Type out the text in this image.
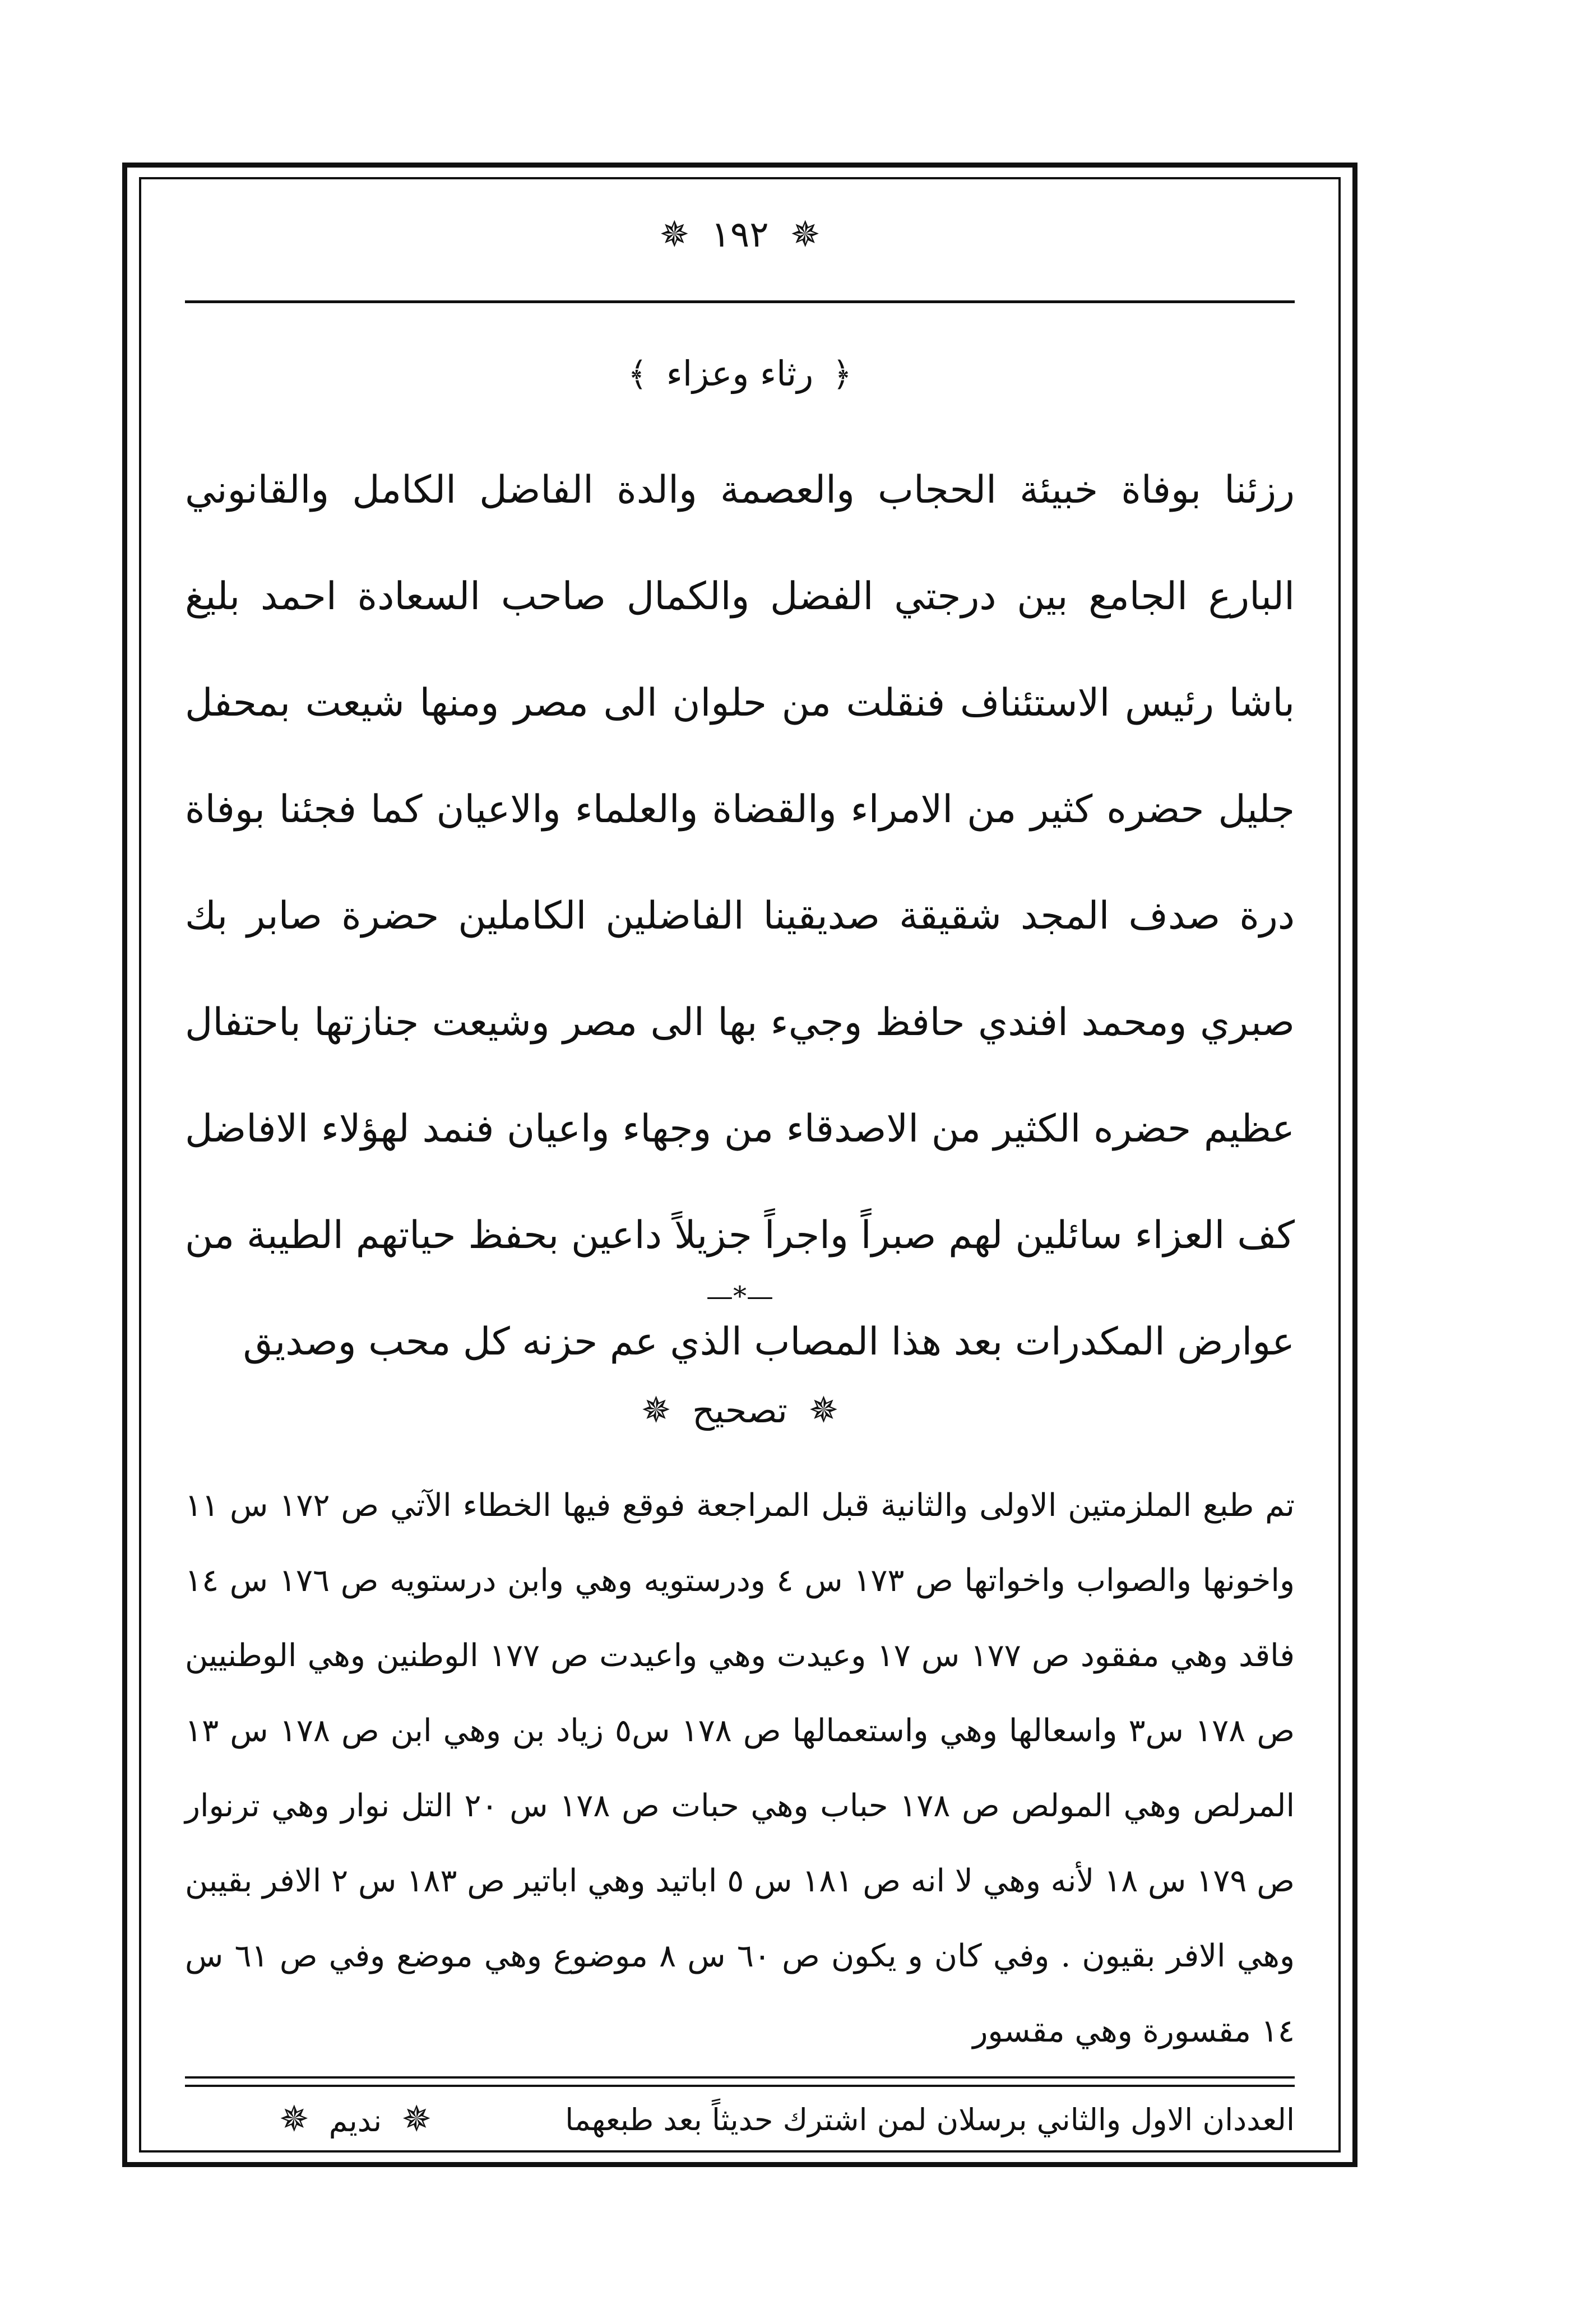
✵ ١٩٢ ✵
﴿ رثاء وعزاء ﴾
رزئنا بوفاة خبيئة الحجاب والعصمة والدة الفاضل الكامل والقانوني البارع الجامع بين درجتي الفضل والكمال صاحب السعادة احمد بليغ باشا رئيس الاستئناف فنقلت من حلوان الى مصر ومنها شيعت بمحفل جليل حضره كثير من الامراء والقضاة والعلماء والاعيان كما فجئنا بوفاة درة صدف المجد شقيقة صديقينا الفاضلين الكاملين حضرة صابر بك صبري ومحمد افندي حافظ وجيء بها الى مصر وشيعت جنازتها باحتفال عظيم حضره الكثير من الاصدقاء من وجهاء واعيان فنمد لهؤلاء الافاضل كف العزاء سائلين لهم صبراً واجراً جزيلاً داعين بحفظ حياتهم الطيبة من عوارض المكدرات بعد هذا المصاب الذي عم حزنه كل محب وصديق
—*—
✵ تصحيح ✵
تم طبع الملزمتين الاولى والثانية قبل المراجعة فوقع فيها الخطاء الآتي ص ١٧٢ س ١١ واخونها والصواب واخواتها ص ١٧٣ س ٤ ودرستويه وهي وابن درستويه ص ١٧٦ س ١٤ فاقد وهي مفقود ص ١٧٧ س ١٧ وعيدت وهي واعيدت ص ١٧٧ الوطنين وهي الوطنيين ص ١٧٨ س٣ واسعالها وهي واستعمالها ص ١٧٨ س٥ زياد بن وهي ابن ص ١٧٨ س ١٣ المرلص وهي المولص ص ١٧٨ حباب وهي حبات ص ١٧٨ س ٢٠ التل نوار وهي ترنوار ص ١٧٩ س ١٨ لأنه وهي لا انه ص ١٨١ س ٥ اباتيد وهي اباتير ص ١٨٣ س ٢ الافر بقيبن وهي الافر بقيون . وفي كان و يكون ص ٦٠ س ٨ موضوع وهي موضع وفي ص ٦١ س ١٤ مقسورة وهي مقسور
العددان الاول والثاني برسلان لمن اشترك حديثاً بعد طبعهما
✵ نديم ✵
